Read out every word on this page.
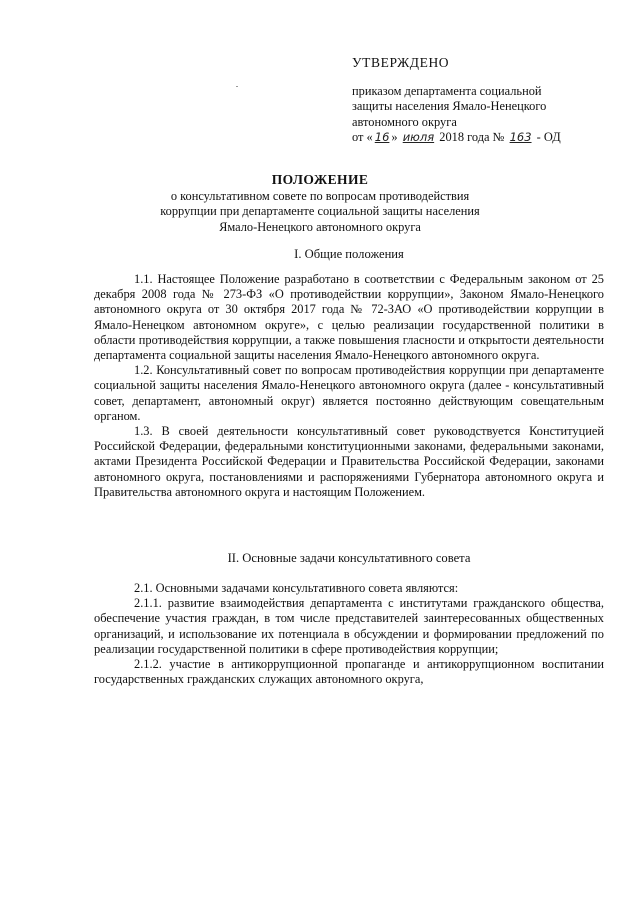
УТВЕРЖДЕНО
приказом департамента социальной
защиты населения Ямало-Ненецкого
автономного округа
от « 16 » июля 2018 года № 163 - ОД
ПОЛОЖЕНИЕ
о консультативном совете по вопросам противодействия
коррупции при департаменте социальной защиты населения
Ямало-Ненецкого автономного округа
I. Общие положения

1.1. Настоящее Положение разработано в соответствии с Федеральным законом от 25 декабря 2008 года № 273-ФЗ «О противодействии коррупции», Законом Ямало-Ненецкого автономного округа от 30 октября 2017 года № 72-ЗАО «О противодействии коррупции в Ямало-Ненецком автономном округе», с целью реализации государственной политики в области противодействия коррупции, а также повышения гласности и открытости деятельности департамента социальной защиты населения Ямало-Ненецкого автономного округа.

1.2. Консультативный совет по вопросам противодействия коррупции при департаменте социальной защиты населения Ямало-Ненецкого автономного округа (далее - консультативный совет, департамент, автономный округ) является постоянно действующим совещательным органом.

1.3. В своей деятельности консультативный совет руководствуется Конституцией Российской Федерации, федеральными конституционными законами, федеральными законами, актами Президента Российской Федерации и Правительства Российской Федерации, законами автономного округа, постановлениями и распоряжениями Губернатора автономного округа и Правительства автономного округа и настоящим Положением.

II. Основные задачи консультативного совета

2.1. Основными задачами консультативного совета являются:

2.1.1. развитие взаимодействия департамента с институтами гражданского общества, обеспечение участия граждан, в том числе представителей заинтересованных общественных организаций, и использование их потенциала в обсуждении и формировании предложений по реализации государственной политики в сфере противодействия коррупции;

2.1.2. участие в антикоррупционной пропаганде и антикоррупционном воспитании государственных гражданских служащих автономного округа,
